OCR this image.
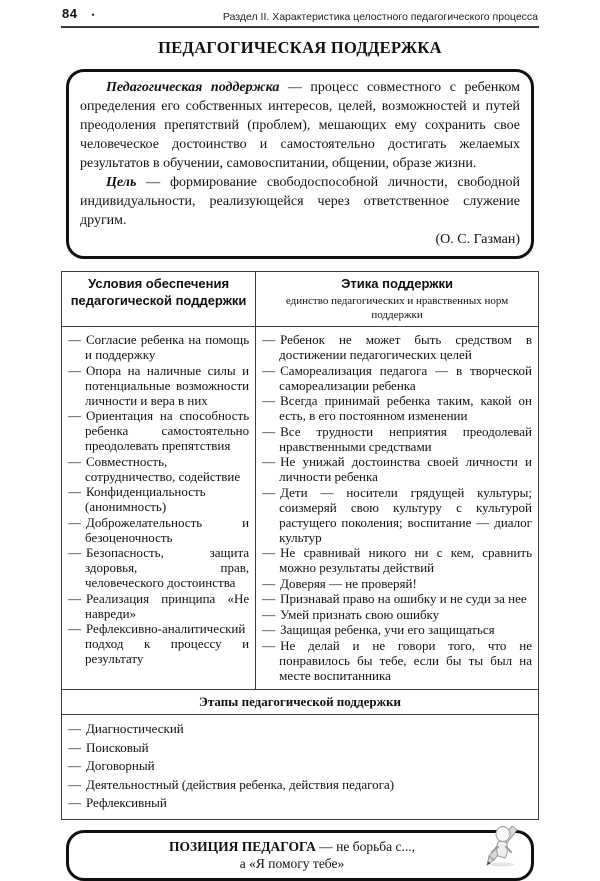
84 •	Раздел II. Характеристика целостного педагогического процесса
ПЕДАГОГИЧЕСКАЯ ПОДДЕРЖКА

Педагогическая поддержка — процесс совместного с ребенком определения его собственных интересов, целей, возможностей и путей преодоления препятствий (проблем), мешающих ему сохранить свое человеческое достоинство и самостоятельно достигать желаемых результатов в обучении, самовоспитании, общении, образе жизни.

Цель — формирование свободоспособной личности, свободной индивидуальности, реализующейся через ответственное служение другим.

(О. С. Газман)

Условия обеспечения педагогической поддержки	Этика поддержки
единство педагогических и нравственных норм поддержки

— Согласие ребенка на помощь и поддержку
— Опора на наличные силы и потенциальные возможности личности и вера в них
— Ориентация на способность ребенка самостоятельно преодолевать препятствия
— Совместность, сотрудничество, содействие
— Конфиденциальность (анонимность)
— Доброжелательность и безоценочность
— Безопасность, защита здоровья, прав, человеческого достоинства
— Реализация принципа «Не навреди»
— Рефлексивно-аналитический подход к процессу и результату

— Ребенок не может быть средством в достижении педагогических целей
— Самореализация педагога — в творческой самореализации ребенка
— Всегда принимай ребенка таким, какой он есть, в его постоянном изменении
— Все трудности неприятия преодолевай нравственными средствами
— Не унижай достоинства своей личности и личности ребенка
— Дети — носители грядущей культуры; соизмеряй свою культуру с культурой растущего поколения; воспитание — диалог культур
— Не сравнивай никого ни с кем, сравнить можно результаты действий
— Доверяя — не проверяй!
— Признавай право на ошибку и не суди за нее
— Умей признать свою ошибку
— Защищая ребенка, учи его защищаться
— Не делай и не говори того, что не понравилось бы тебе, если бы ты был на месте воспитанника

Этапы педагогической поддержки	

— Диагностический
— Поисковый
— Договорный
— Деятельностный (действия ребенка, действия педагога)
— Рефлексивный
ПОЗИЦИЯ ПЕДАГОГА — не борьба с...,
а «Я помогу тебе»
